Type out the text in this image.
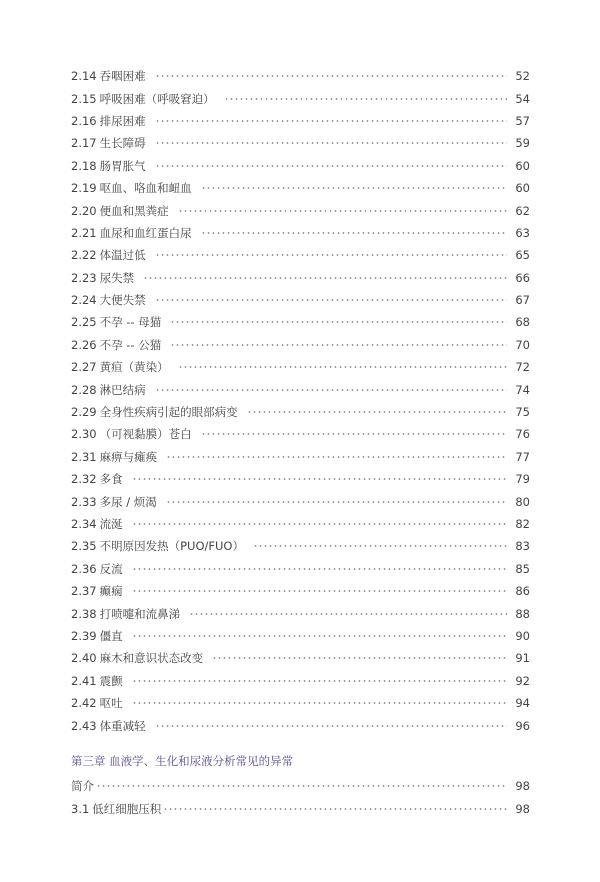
2.14 吞咽困难	52
2.15 呼吸困难（呼吸窘迫）	54
2.16 排尿困难	57
2.17 生长障碍	59
2.18 肠胃胀气	60
2.19 呕血、咯血和衄血	60
2.20 便血和黑粪症	62
2.21 血尿和血红蛋白尿	63
2.22 体温过低	65
2.23 尿失禁	66
2.24 大便失禁	67
2.25 不孕 -- 母猫	68
2.26 不孕 -- 公猫	70
2.27 黄疸（黄染）	72
2.28 淋巴结病	74
2.29 全身性疾病引起的眼部病变	75
2.30 （可视黏膜）苍白	76
2.31 麻痹与瘫痪	77
2.32 多食	79
2.33 多尿 / 烦渴	80
2.34 流涎	82
2.35 不明原因发热（PUO/FUO）	83
2.36 反流	85
2.37 癫痫	86
2.38 打喷嚏和流鼻涕	88
2.39 僵直	90
2.40 麻木和意识状态改变	91
2.41 震颤	92
2.42 呕吐	94
2.43 体重减轻	96
第三章 血液学、生化和尿液分析常见的异常
简介	98
3.1 低红细胞压积	98
